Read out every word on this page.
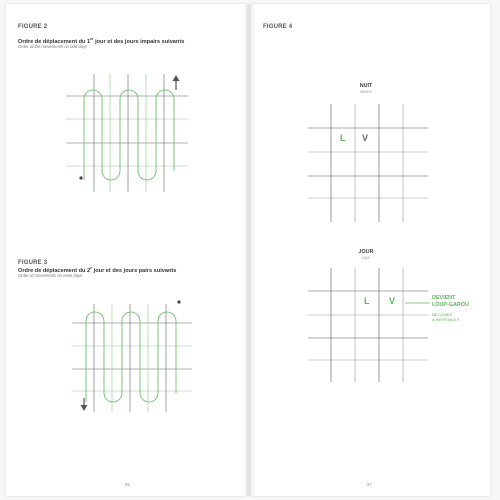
FIGURE 2
Ordre de déplacement du 1er jour et des jours impairs suivants
Order of the movements on odd days
FIGURE 3
Ordre de déplacement du 2e jour et des jours pairs suivants
Order of movements on even days
FIGURE 4
NUIT
NIGHT
JOUR
DAY
L V
L V	DEVIENT
LOUP-GAROU
BECOMES
A WEREWOLF
25	27
